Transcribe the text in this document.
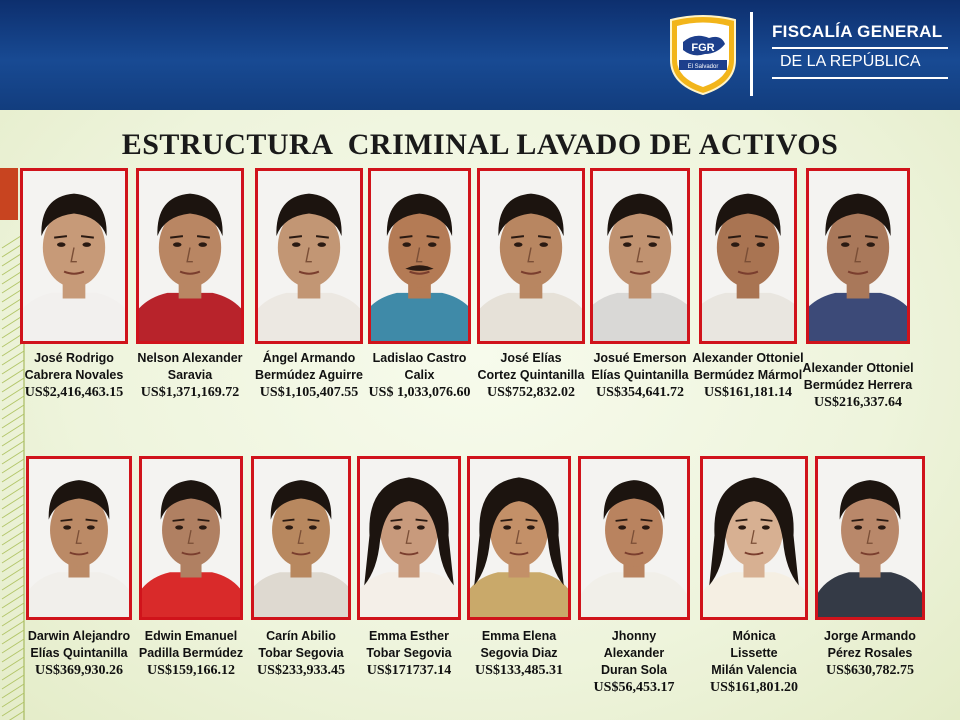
FGR
El Salvador
FISCALÍA GENERAL
DE LA REPÚBLICA
ESTRUCTURA  CRIMINAL LAVADO DE ACTIVOS
José Rodrigo
Cabrera Novales
US$2,416,463.15
Nelson Alexander
Saravia
US$1,371,169.72
Ángel Armando
Bermúdez Aguirre
US$1,105,407.55
Ladislao Castro
Calix
US$ 1,033,076.60
José Elías
Cortez Quintanilla
US$752,832.02
Josué Emerson
Elías Quintanilla
US$354,641.72
Alexander Ottoniel
Bermúdez Mármol
US$161,181.14
Alexander Ottoniel
Bermúdez Herrera
US$216,337.64
Darwin Alejandro
Elías Quintanilla
US$369,930.26
Edwin Emanuel
Padilla Bermúdez
US$159,166.12
Carín Abilio
Tobar Segovia
US$233,933.45
Emma Esther
Tobar Segovia
US$171737.14
Emma Elena
Segovia Diaz
US$133,485.31
Jhonny
Alexander
Duran Sola
US$56,453.17
Mónica
Lissette
Milán Valencia
US$161,801.20
Jorge Armando
Pérez Rosales
US$630,782.75
